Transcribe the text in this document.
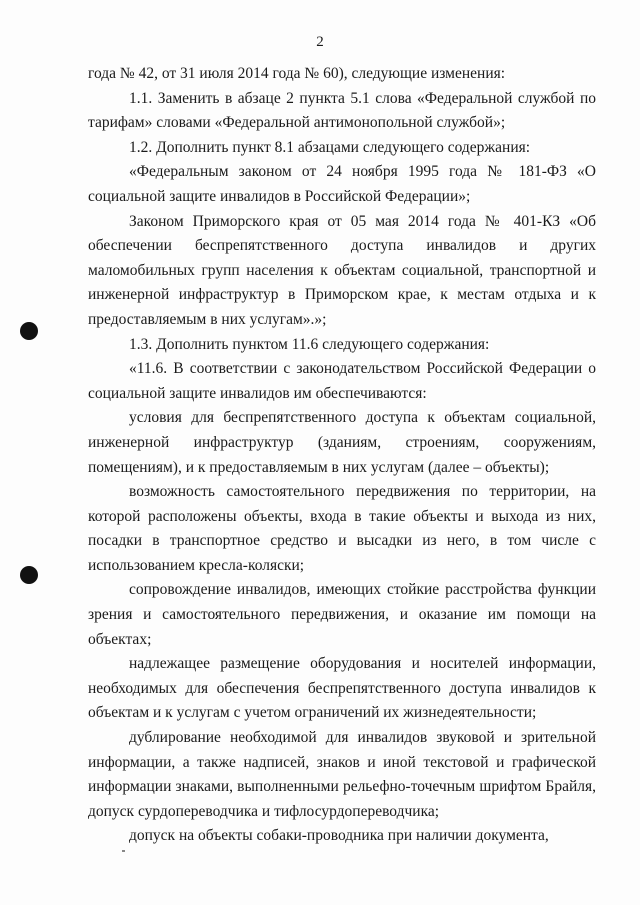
2

года № 42, от 31 июля 2014 года № 60), следующие изменения:

1.1. Заменить в абзаце 2 пункта 5.1 слова «Федеральной службой по тарифам» словами «Федеральной антимонопольной службой»;

1.2. Дополнить пункт 8.1 абзацами следующего содержания:

«Федеральным законом от 24 ноября 1995 года № 181-ФЗ «О социальной защите инвалидов в Российской Федерации»;

Законом Приморского края от 05 мая 2014 года № 401-КЗ «Об обеспечении беспрепятственного доступа инвалидов и других маломобильных групп населения к объектам социальной, транспортной и инженерной инфраструктур в Приморском крае, к местам отдыха и к предоставляемым в них услугам».»;

1.3. Дополнить пунктом 11.6 следующего содержания:

«11.6. В соответствии с законодательством Российской Федерации о социальной защите инвалидов им обеспечиваются:

условия для беспрепятственного доступа к объектам социальной, инженерной инфраструктур (зданиям, строениям, сооружениям, помещениям), и к предоставляемым в них услугам (далее – объекты);

возможность самостоятельного передвижения по территории, на которой расположены объекты, входа в такие объекты и выхода из них, посадки в транспортное средство и высадки из него, в том числе с использованием кресла-коляски;

сопровождение инвалидов, имеющих стойкие расстройства функции зрения и самостоятельного передвижения, и оказание им помощи на объектах;

надлежащее размещение оборудования и носителей информации, необходимых для обеспечения беспрепятственного доступа инвалидов к объектам и к услугам с учетом ограничений их жизнедеятельности;

дублирование необходимой для инвалидов звуковой и зрительной информации, а также надписей, знаков и иной текстовой и графической информации знаками, выполненными рельефно-точечным шрифтом Брайля, допуск сурдопереводчика и тифлосурдопереводчика;

допуск на объекты собаки-проводника при наличии документа,
